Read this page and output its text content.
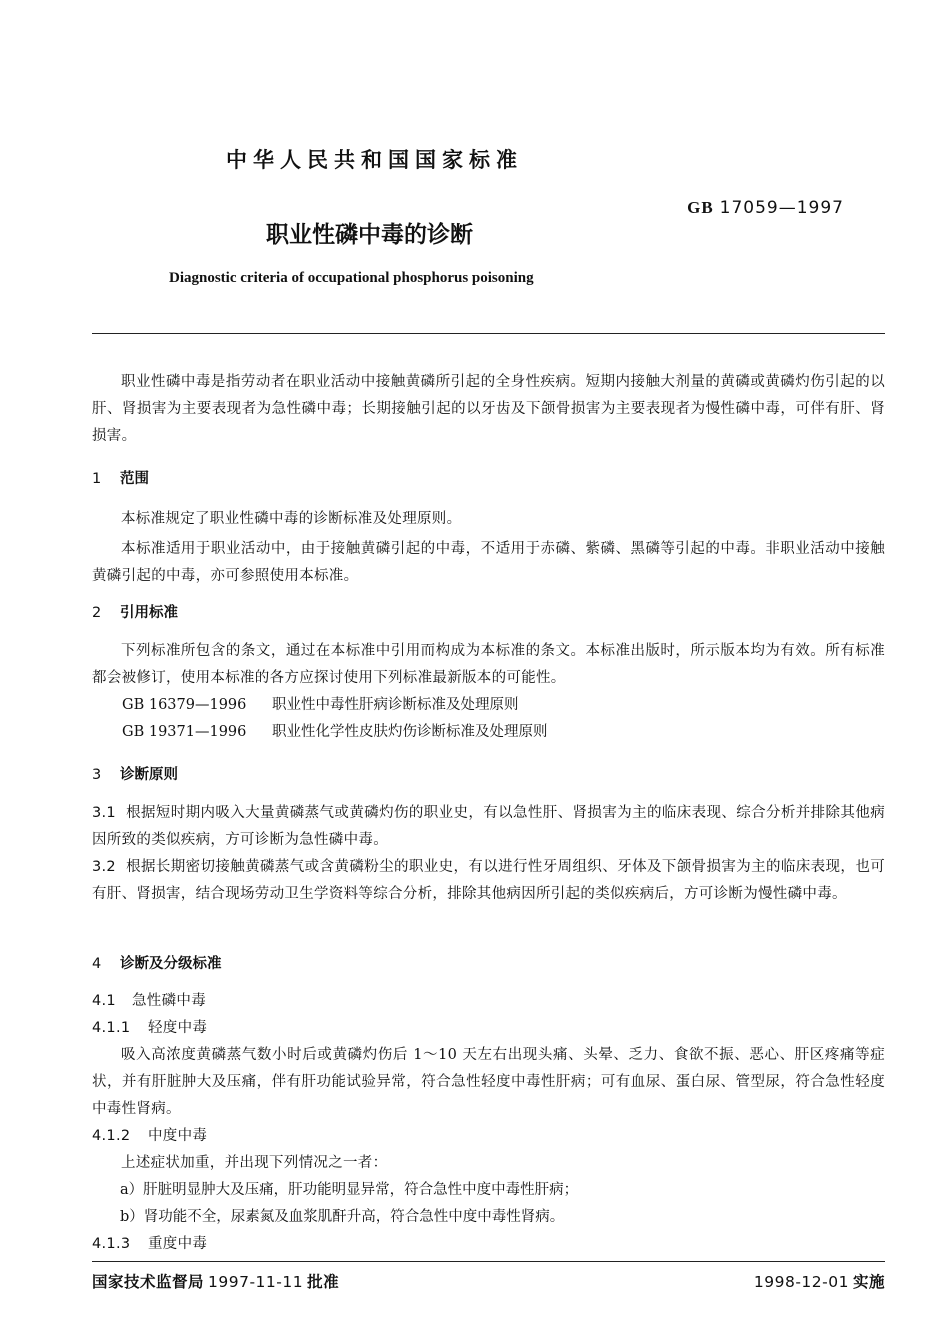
中华人民共和国国家标准
GB 17059—1997
职业性磷中毒的诊断
Diagnostic criteria of occupational phosphorus poisoning

职业性磷中毒是指劳动者在职业活动中接触黄磷所引起的全身性疾病。短期内接触大剂量的黄磷或黄磷灼伤引起的以肝、肾损害为主要表现者为急性磷中毒；长期接触引起的以牙齿及下颌骨损害为主要表现者为慢性磷中毒，可伴有肝、肾损害。

1 范围

本标准规定了职业性磷中毒的诊断标准及处理原则。

本标准适用于职业活动中，由于接触黄磷引起的中毒，不适用于赤磷、紫磷、黑磷等引起的中毒。非职业活动中接触黄磷引起的中毒，亦可参照使用本标准。

2 引用标准

下列标准所包含的条文，通过在本标准中引用而构成为本标准的条文。本标准出版时，所示版本均为有效。所有标准都会被修订，使用本标准的各方应探讨使用下列标准最新版本的可能性。

GB 16379—1996 职业性中毒性肝病诊断标准及处理原则
GB 19371—1996 职业性化学性皮肤灼伤诊断标准及处理原则
3 诊断原则

3.1 根据短时期内吸入大量黄磷蒸气或黄磷灼伤的职业史，有以急性肝、肾损害为主的临床表现、综合分析并排除其他病因所致的类似疾病，方可诊断为急性磷中毒。

3.2 根据长期密切接触黄磷蒸气或含黄磷粉尘的职业史，有以进行性牙周组织、牙体及下颌骨损害为主的临床表现，也可有肝、肾损害，结合现场劳动卫生学资料等综合分析，排除其他病因所引起的类似疾病后，方可诊断为慢性磷中毒。

4 诊断及分级标准
4.1 急性磷中毒
4.1.1 轻度中毒

吸入高浓度黄磷蒸气数小时后或黄磷灼伤后 1～10 天左右出现头痛、头晕、乏力、食欲不振、恶心、肝区疼痛等症状，并有肝脏肿大及压痛，伴有肝功能试验异常，符合急性轻度中毒性肝病；可有血尿、蛋白尿、管型尿，符合急性轻度中毒性肾病。

4.1.2 中度中毒

上述症状加重，并出现下列情况之一者：

a）肝脏明显肿大及压痛，肝功能明显异常，符合急性中度中毒性肝病；
b）肾功能不全，尿素氮及血浆肌酐升高，符合急性中度中毒性肾病。
4.1.3 重度中毒
国家技术监督局 1997-11-11 批准	1998-12-01 实施
